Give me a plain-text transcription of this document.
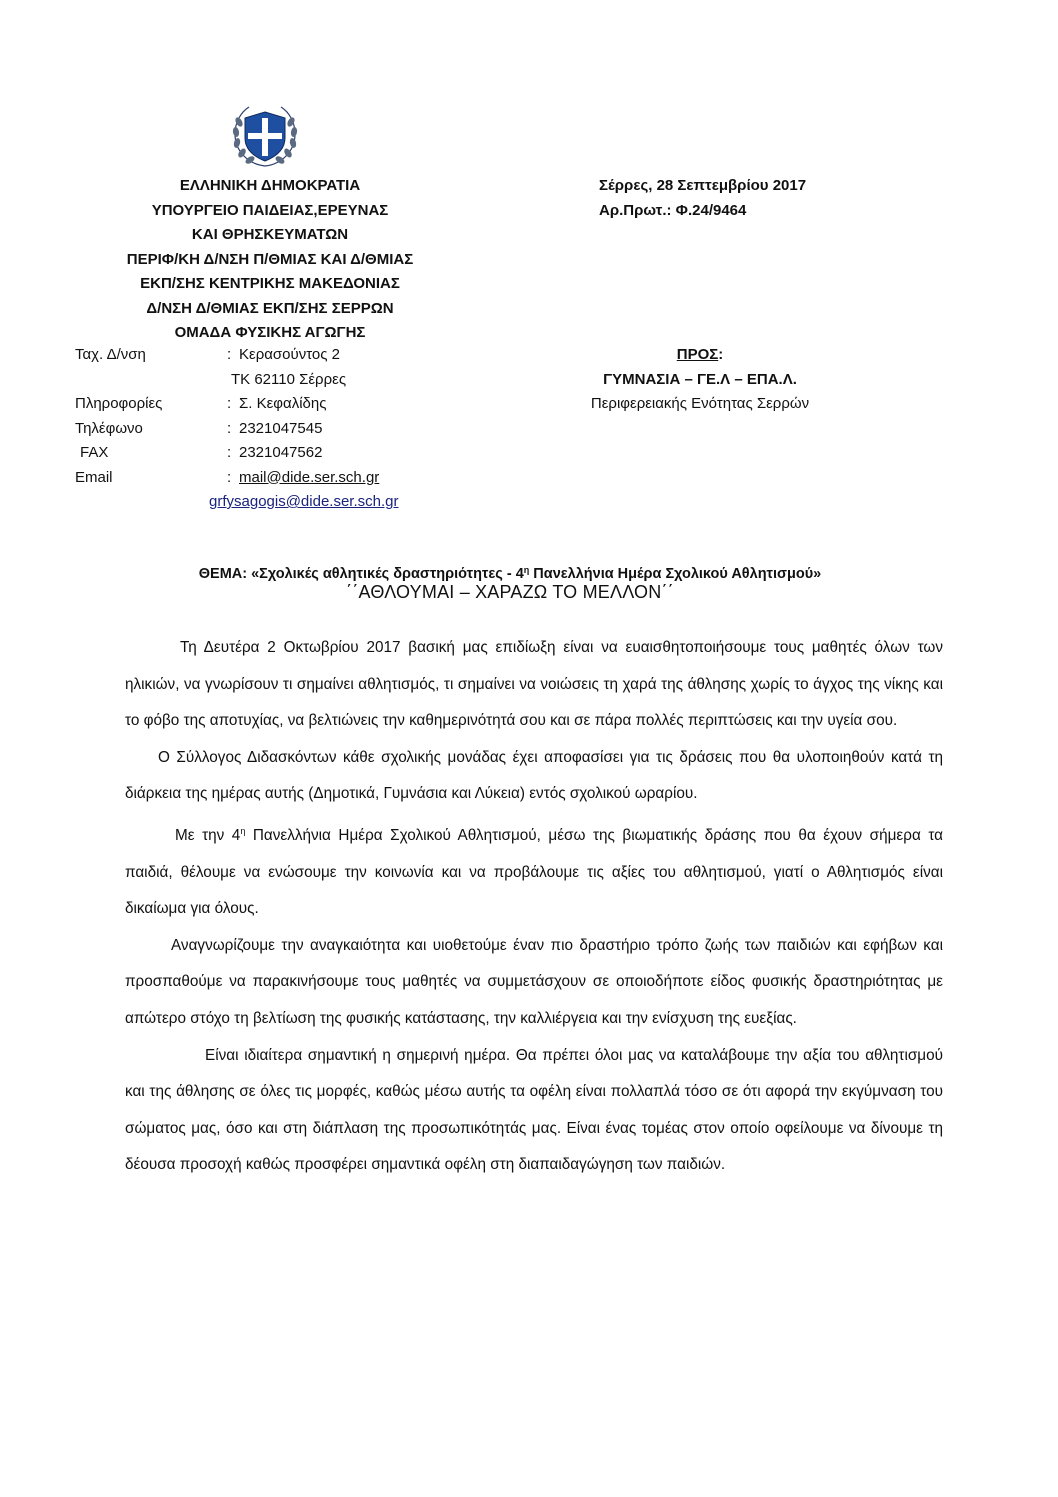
ΕΛΛΗΝΙΚΗ ΔΗΜΟΚΡΑΤΙΑ
ΥΠΟΥΡΓΕΙΟ ΠΑΙΔΕΙΑΣ,ΕΡΕΥΝΑΣ
ΚΑΙ ΘΡΗΣΚΕΥΜΑΤΩΝ
ΠΕΡΙΦ/ΚΗ Δ/ΝΣΗ Π/ΘΜΙΑΣ ΚΑΙ Δ/ΘΜΙΑΣ
ΕΚΠ/ΣΗΣ ΚΕΝΤΡΙΚΗΣ ΜΑΚΕΔΟΝΙΑΣ
Δ/ΝΣΗ Δ/ΘΜΙΑΣ ΕΚΠ/ΣΗΣ ΣΕΡΡΩΝ
ΟΜΑΔΑ ΦΥΣΙΚΗΣ ΑΓΩΓΗΣ
Σέρρες, 28 Σεπτεμβρίου 2017
Αρ.Πρωτ.: Φ.24/9464
Ταχ. Δ/νση	: Κερασούντος 2
ΤΚ 62110 Σέρρες
Πληροφορίες	: Σ. Κεφαλίδης
Τηλέφωνο	: 2321047545
FAX	: 2321047562
Email	: mail@dide.ser.sch.gr
grfysagogis@dide.ser.sch.gr
ΠΡΟΣ:
ΓΥΜΝΑΣΙΑ – ΓΕ.Λ – ΕΠΑ.Λ.
Περιφερειακής Ενότητας Σερρών
ΘΕΜΑ: «Σχολικές αθλητικές δραστηριότητες - $4^\eta$ Πανελλήνια Ημέρα Σχολικού Αθλητισμού»
΄΄ΑΘΛΟΥΜΑΙ – ΧΑΡΑΖΩ ΤΟ ΜΕΛΛΟΝ΄΄

Τη Δευτέρα 2 Οκτωβρίου 2017 βασική μας επιδίωξη είναι να ευαισθητοποιήσουμε τους μαθητές όλων των ηλικιών, να γνωρίσουν τι σημαίνει αθλητισμός, τι σημαίνει να νοιώσεις τη χαρά της άθλησης χωρίς το άγχος της νίκης και το φόβο της αποτυχίας, να βελτιώνεις την καθημερινότητά σου και σε πάρα πολλές περιπτώσεις και την υγεία σου.

Ο Σύλλογος Διδασκόντων κάθε σχολικής μονάδας έχει αποφασίσει για τις δράσεις που θα υλοποιηθούν κατά τη διάρκεια της ημέρας αυτής (Δημοτικά, Γυμνάσια και Λύκεια) εντός σχολικού ωραρίου.

Με την $4^\eta$ Πανελλήνια Ημέρα Σχολικού Αθλητισμού, μέσω της βιωματικής δράσης που θα έχουν σήμερα τα παιδιά, θέλουμε να ενώσουμε την κοινωνία και να προβάλουμε τις αξίες του αθλητισμού, γιατί ο Αθλητισμός είναι δικαίωμα για όλους.

Αναγνωρίζουμε την αναγκαιότητα και υιοθετούμε έναν πιο δραστήριο τρόπο ζωής των παιδιών και εφήβων και προσπαθούμε να παρακινήσουμε τους μαθητές να συμμετάσχουν σε οποιοδήποτε είδος φυσικής δραστηριότητας με απώτερο στόχο τη βελτίωση της φυσικής κατάστασης, την καλλιέργεια και την ενίσχυση της ευεξίας.

Είναι ιδιαίτερα σημαντική η σημερινή ημέρα. Θα πρέπει όλοι μας να καταλάβουμε την αξία του αθλητισμού και της άθλησης σε όλες τις μορφές, καθώς μέσω αυτής τα οφέλη είναι πολλαπλά τόσο σε ότι αφορά την εκγύμναση του σώματος μας, όσο και στη διάπλαση της προσωπικότητάς μας. Είναι ένας τομέας στον οποίο οφείλουμε να δίνουμε τη δέουσα προσοχή καθώς προσφέρει σημαντικά οφέλη στη διαπαιδαγώγηση των παιδιών.
